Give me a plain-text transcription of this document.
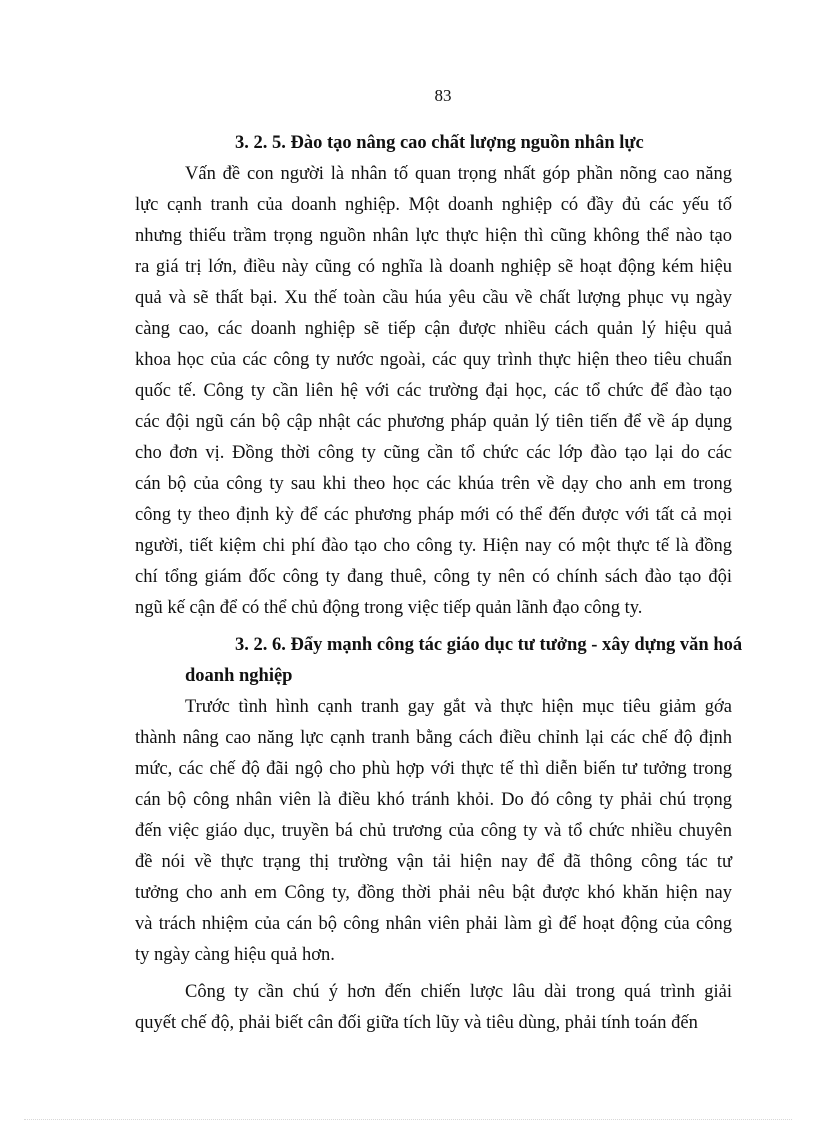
83
3. 2. 5. Đào tạo nâng cao chất lượng nguồn nhân lực
Vấn đề con người là nhân tố quan trọng nhất góp phần nõng cao năng
lực cạnh tranh của doanh nghiệp. Một doanh nghiệp có đầy đủ các yếu tố
nhưng thiếu trầm trọng nguồn nhân lực thực hiện thì cũng không thể nào tạo
ra giá trị lớn, điều này cũng có nghĩa là doanh nghiệp sẽ hoạt động kém hiệu
quả và sẽ thất bại. Xu thế toàn cầu húa yêu cầu về chất lượng phục vụ ngày
càng cao, các doanh nghiệp sẽ tiếp cận được nhiều cách quản lý hiệu quả
khoa học của các công ty nước ngoài, các quy trình thực hiện theo tiêu chuẩn
quốc tế. Công ty cần liên hệ với các trường đại học, các tổ chức để đào tạo
các đội ngũ cán bộ cập nhật các phương pháp quản lý tiên tiến để về áp dụng
cho đơn vị. Đồng thời công ty cũng cần tổ chức các lớp đào tạo lại do các
cán bộ của công ty sau khi theo học các khúa trên về dạy cho anh em trong
công ty theo định kỳ để các phương pháp mới có thể đến được với tất cả mọi
người, tiết kiệm chi phí đào tạo cho công ty. Hiện nay có một thực tế là đồng
chí tổng giám đốc công ty đang thuê, công ty nên có chính sách đào tạo đội
ngũ kế cận để có thể chủ động trong việc tiếp quản lãnh đạo công ty.
3. 2. 6. Đẩy mạnh công tác giáo dục tư tưởng - xây dựng văn hoá
doanh nghiệp
Trước tình hình cạnh tranh gay gắt và thực hiện mục tiêu giảm gớa
thành nâng cao năng lực cạnh tranh bằng cách điều chỉnh lại các chế độ định
mức, các chế độ đãi ngộ cho phù hợp với thực tế thì diễn biến tư tưởng trong
cán bộ công nhân viên là điều khó tránh khỏi. Do đó công ty phải chú trọng
đến việc giáo dục, truyền bá chủ trương của công ty và tổ chức nhiều chuyên
đề nói về thực trạng thị trường vận tải hiện nay để đã thông công tác tư
tưởng cho anh em Công ty, đồng thời phải nêu bật được khó khăn hiện nay
và trách nhiệm của cán bộ công nhân viên phải làm gì để hoạt động của công
ty ngày càng hiệu quả hơn.
Công ty cần chú ý hơn đến chiến lược lâu dài trong quá trình giải
quyết chế độ, phải biết cân đối giữa tích lũy và tiêu dùng, phải tính toán đến
